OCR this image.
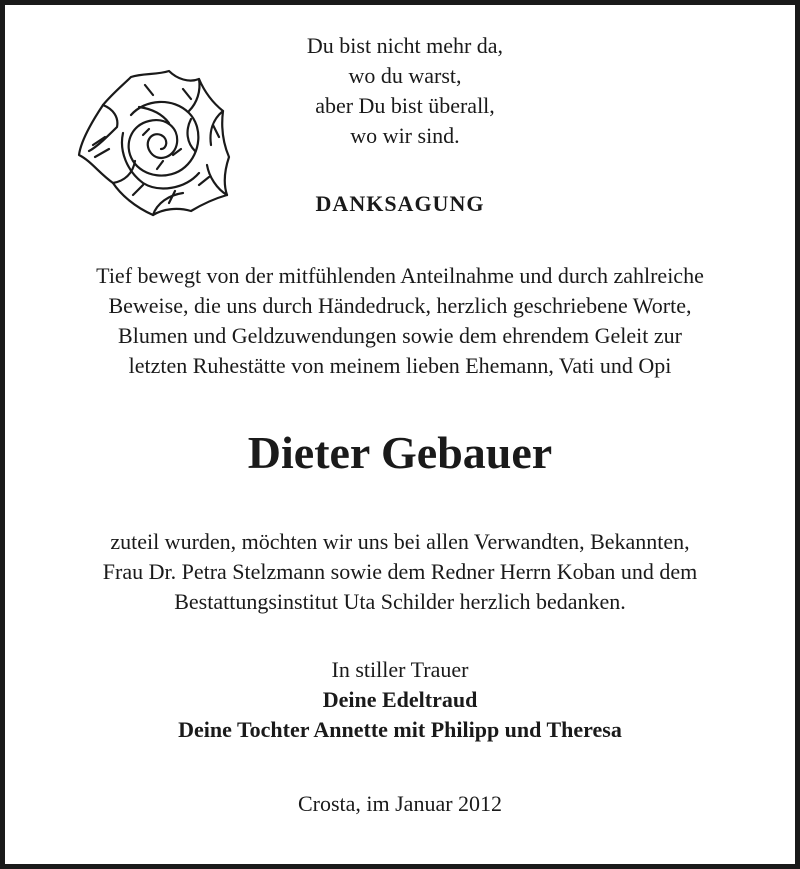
Du bist nicht mehr da,
wo du warst,
aber Du bist überall,
wo wir sind.
DANKSAGUNG
Tief bewegt von der mitfühlenden Anteilnahme und durch zahlreiche
Beweise, die uns durch Händedruck, herzlich geschriebene Worte,
Blumen und Geldzuwendungen sowie dem ehrendem Geleit zur
letzten Ruhestätte von meinem lieben Ehemann, Vati und Opi
Dieter Gebauer
zuteil wurden, möchten wir uns bei allen Verwandten, Bekannten,
Frau Dr. Petra Stelzmann sowie dem Redner Herrn Koban und dem
Bestattungsinstitut Uta Schilder herzlich bedanken.
In stiller Trauer
Deine Edeltraud
Deine Tochter Annette mit Philipp und Theresa
Crosta, im Januar 2012
